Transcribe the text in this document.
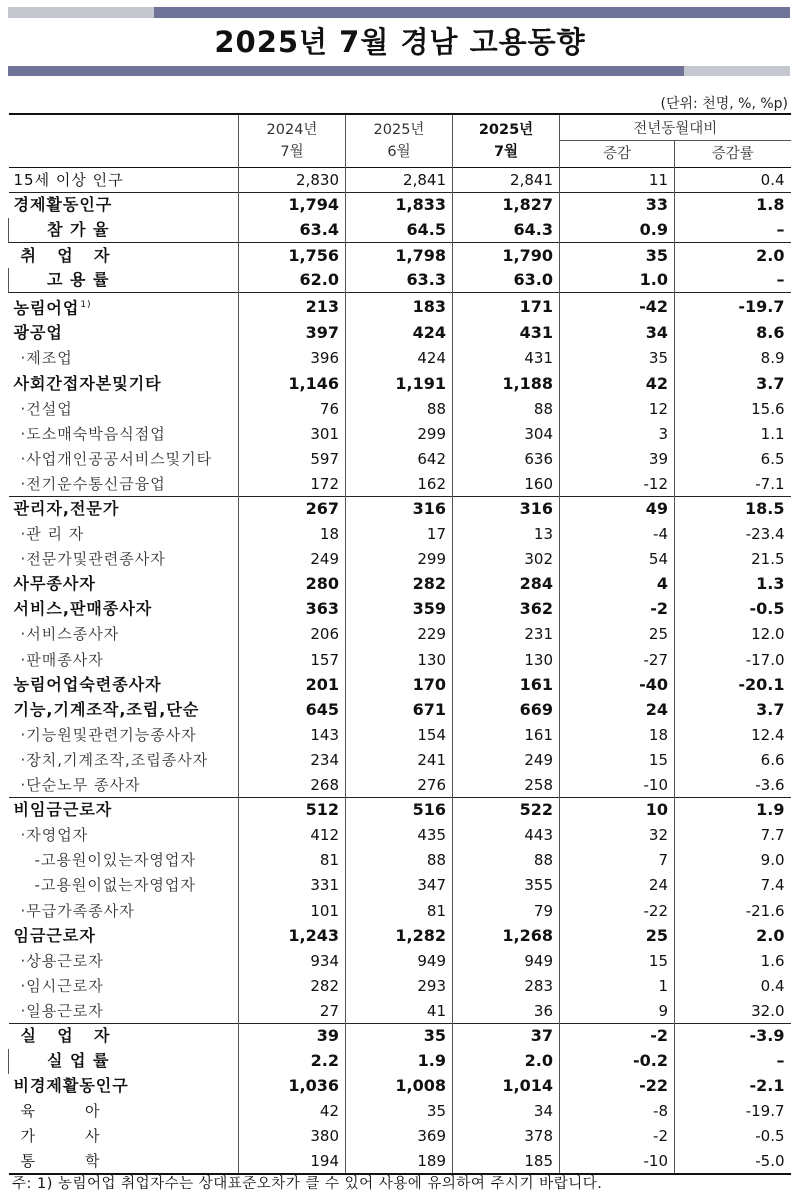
2025년 7월 경남 고용동향
(단위: 천명, %, %p)
	2024년	2025년	2025년	전년동월대비	
	7월	6월	7월	증감	증감률
15세 이상 인구	2,830	2,841	2,841	11	0.4
경제활동인구	1,794	1,833	1,827	33	1.8
참 가 율	63.4	64.5	64.3	0.9	–

취 업 자	1,756	1,798	1,790	35	2.0
고 용 률	62.0	63.3	63.0	1.0	–
농림어업$^{1)}$	213	183	171	-42	-19.7
광공업	397	424	431	34	8.6
·제조업	396	424	431	35	8.9
사회간접자본및기타	1,146	1,191	1,188	42	3.7
·건설업	76	88	88	12	15.6
·도소매숙박음식점업	301	299	304	3	1.1
·사업개인공공서비스및기타	597	642	636	39	6.5
·전기운수통신금융업	172	162	160	-12	-7.1
관리자,전문가	267	316	316	49	18.5
·관 리 자	18	17	13	-4	-23.4
·전문가및관련종사자	249	299	302	54	21.5
사무종사자	280	282	284	4	1.3
서비스,판매종사자	363	359	362	-2	-0.5
·서비스종사자	206	229	231	25	12.0
·판매종사자	157	130	130	-27	-17.0
농림어업숙련종사자	201	170	161	-40	-20.1
기능,기계조작,조립,단순	645	671	669	24	3.7
·기능원및관련기능종사자	143	154	161	18	12.4
·장치,기계조작,조립종사자	234	241	249	15	6.6
·단순노무 종사자	268	276	258	-10	-3.6
비임금근로자	512	516	522	10	1.9
·자영업자	412	435	443	32	7.7
-고용원이있는자영업자	81	88	88	7	9.0
-고용원이없는자영업자	331	347	355	24	7.4
·무급가족종사자	101	81	79	-22	-21.6
임금근로자	1,243	1,282	1,268	25	2.0
·상용근로자	934	949	949	15	1.6
·임시근로자	282	293	283	1	0.4
·일용근로자	27	41	36	9	32.0

실 업 자	39	35	37	-2	-3.9
실 업 률	2.2	1.9	2.0	-0.2	–
비경제활동인구	1,036	1,008	1,014	-22	-2.1

육 아	42	35	34	-8	-19.7

가 사	380	369	378	-2	-0.5

통 학	194	189	185	-10	-5.0
주: 1) 농림어업 취업자수는 상대표준오차가 클 수 있어 사용에 유의하여 주시기 바랍니다.
